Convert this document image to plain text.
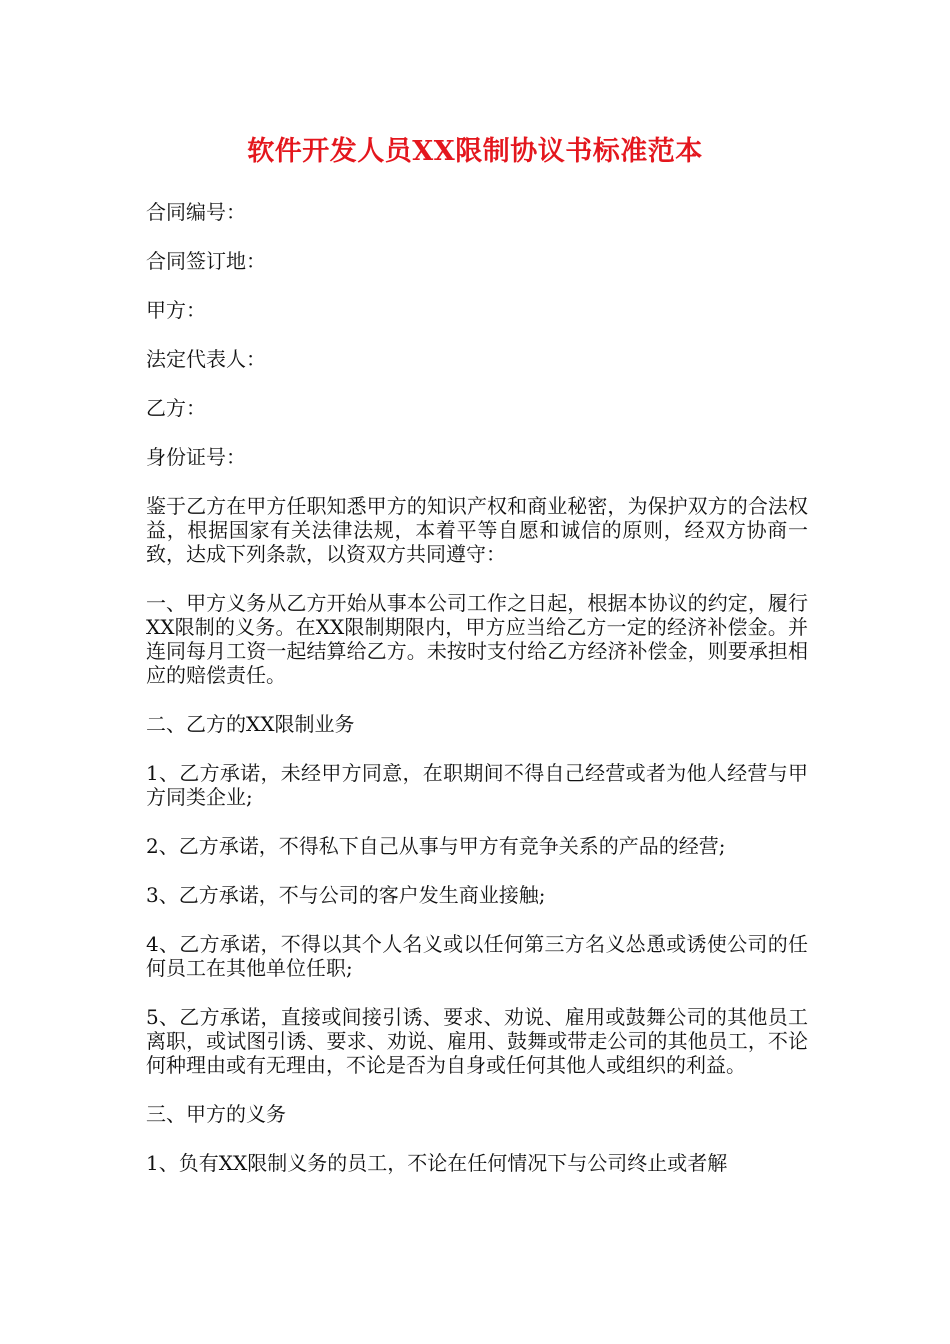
软件开发人员XX限制协议书标准范本

合同编号：

合同签订地：

甲方：

法定代表人：

乙方：

身份证号：

鉴于乙方在甲方任职知悉甲方的知识产权和商业秘密，为保护双方的合法权益，根据国家有关法律法规，本着平等自愿和诚信的原则，经双方协商一致，达成下列条款，以资双方共同遵守：

一、甲方义务从乙方开始从事本公司工作之日起，根据本协议的约定，履行XX限制的义务。在XX限制期限内，甲方应当给乙方一定的经济补偿金。并连同每月工资一起结算给乙方。未按时支付给乙方经济补偿金，则要承担相应的赔偿责任。

二、乙方的XX限制业务

1、乙方承诺，未经甲方同意，在职期间不得自己经营或者为他人经营与甲方同类企业;

2、乙方承诺，不得私下自己从事与甲方有竞争关系的产品的经营;

3、乙方承诺，不与公司的客户发生商业接触;

4、乙方承诺，不得以其个人名义或以任何第三方名义怂恿或诱使公司的任何员工在其他单位任职;

5、乙方承诺，直接或间接引诱、要求、劝说、雇用或鼓舞公司的其他员工离职，或试图引诱、要求、劝说、雇用、鼓舞或带走公司的其他员工，不论何种理由或有无理由，不论是否为自身或任何其他人或组织的利益。

三、甲方的义务

1、负有XX限制义务的员工，不论在任何情况下与公司终止或者解
